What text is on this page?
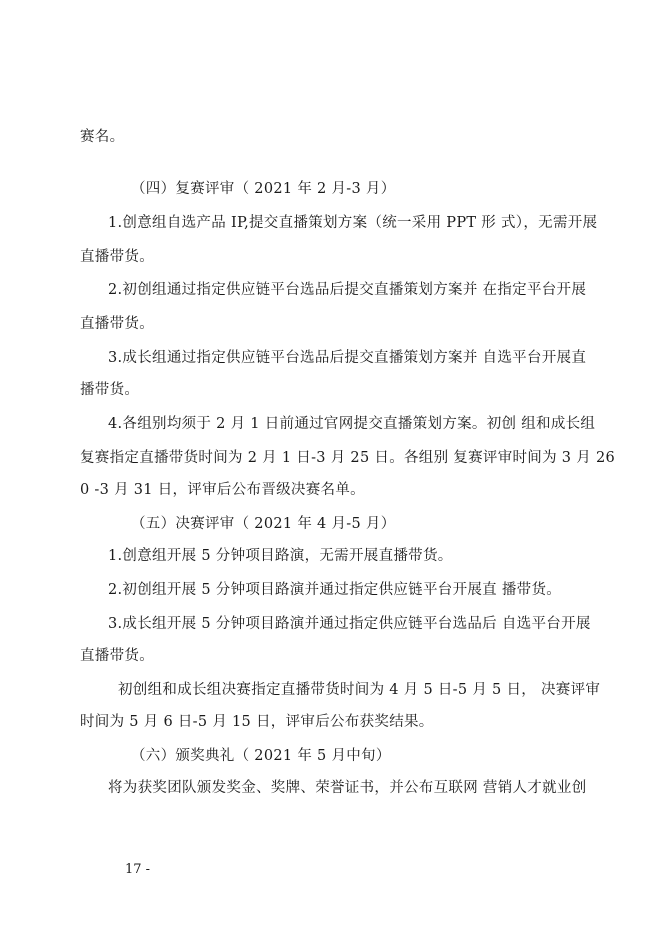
赛名。
（四）复赛评审（ 2021 年 2 月-3 月）
1.创意组自选产品 IP,提交直播策划方案（统一采用 PPT 形 式），无需开展
直播带货。
2.初创组通过指定供应链平台选品后提交直播策划方案并 在指定平台开展
直播带货。
3.成长组通过指定供应链平台选品后提交直播策划方案并 自选平台开展直
播带货。
4.各组别均须于 2 月 1 日前通过官网提交直播策划方案。初创 组和成长组
复赛指定直播带货时间为 2 月 1 日-3 月 25 日。各组别 复赛评审时间为 3 月 26
0 -3 月 31 日，评审后公布晋级决赛名单。
（五）决赛评审（ 2021 年 4 月-5 月）
1.创意组开展 5 分钟项目路演，无需开展直播带货。
2.初创组开展 5 分钟项目路演并通过指定供应链平台开展直 播带货。
3.成长组开展 5 分钟项目路演并通过指定供应链平台选品后 自选平台开展
直播带货。
初创组和成长组决赛指定直播带货时间为 4 月 5 日-5 月 5 日， 决赛评审
时间为 5 月 6 日-5 月 15 日，评审后公布获奖结果。
（六）颁奖典礼（ 2021 年 5 月中旬）
将为获奖团队颁发奖金、奖牌、荣誉证书，并公布互联网 营销人才就业创
17 -
